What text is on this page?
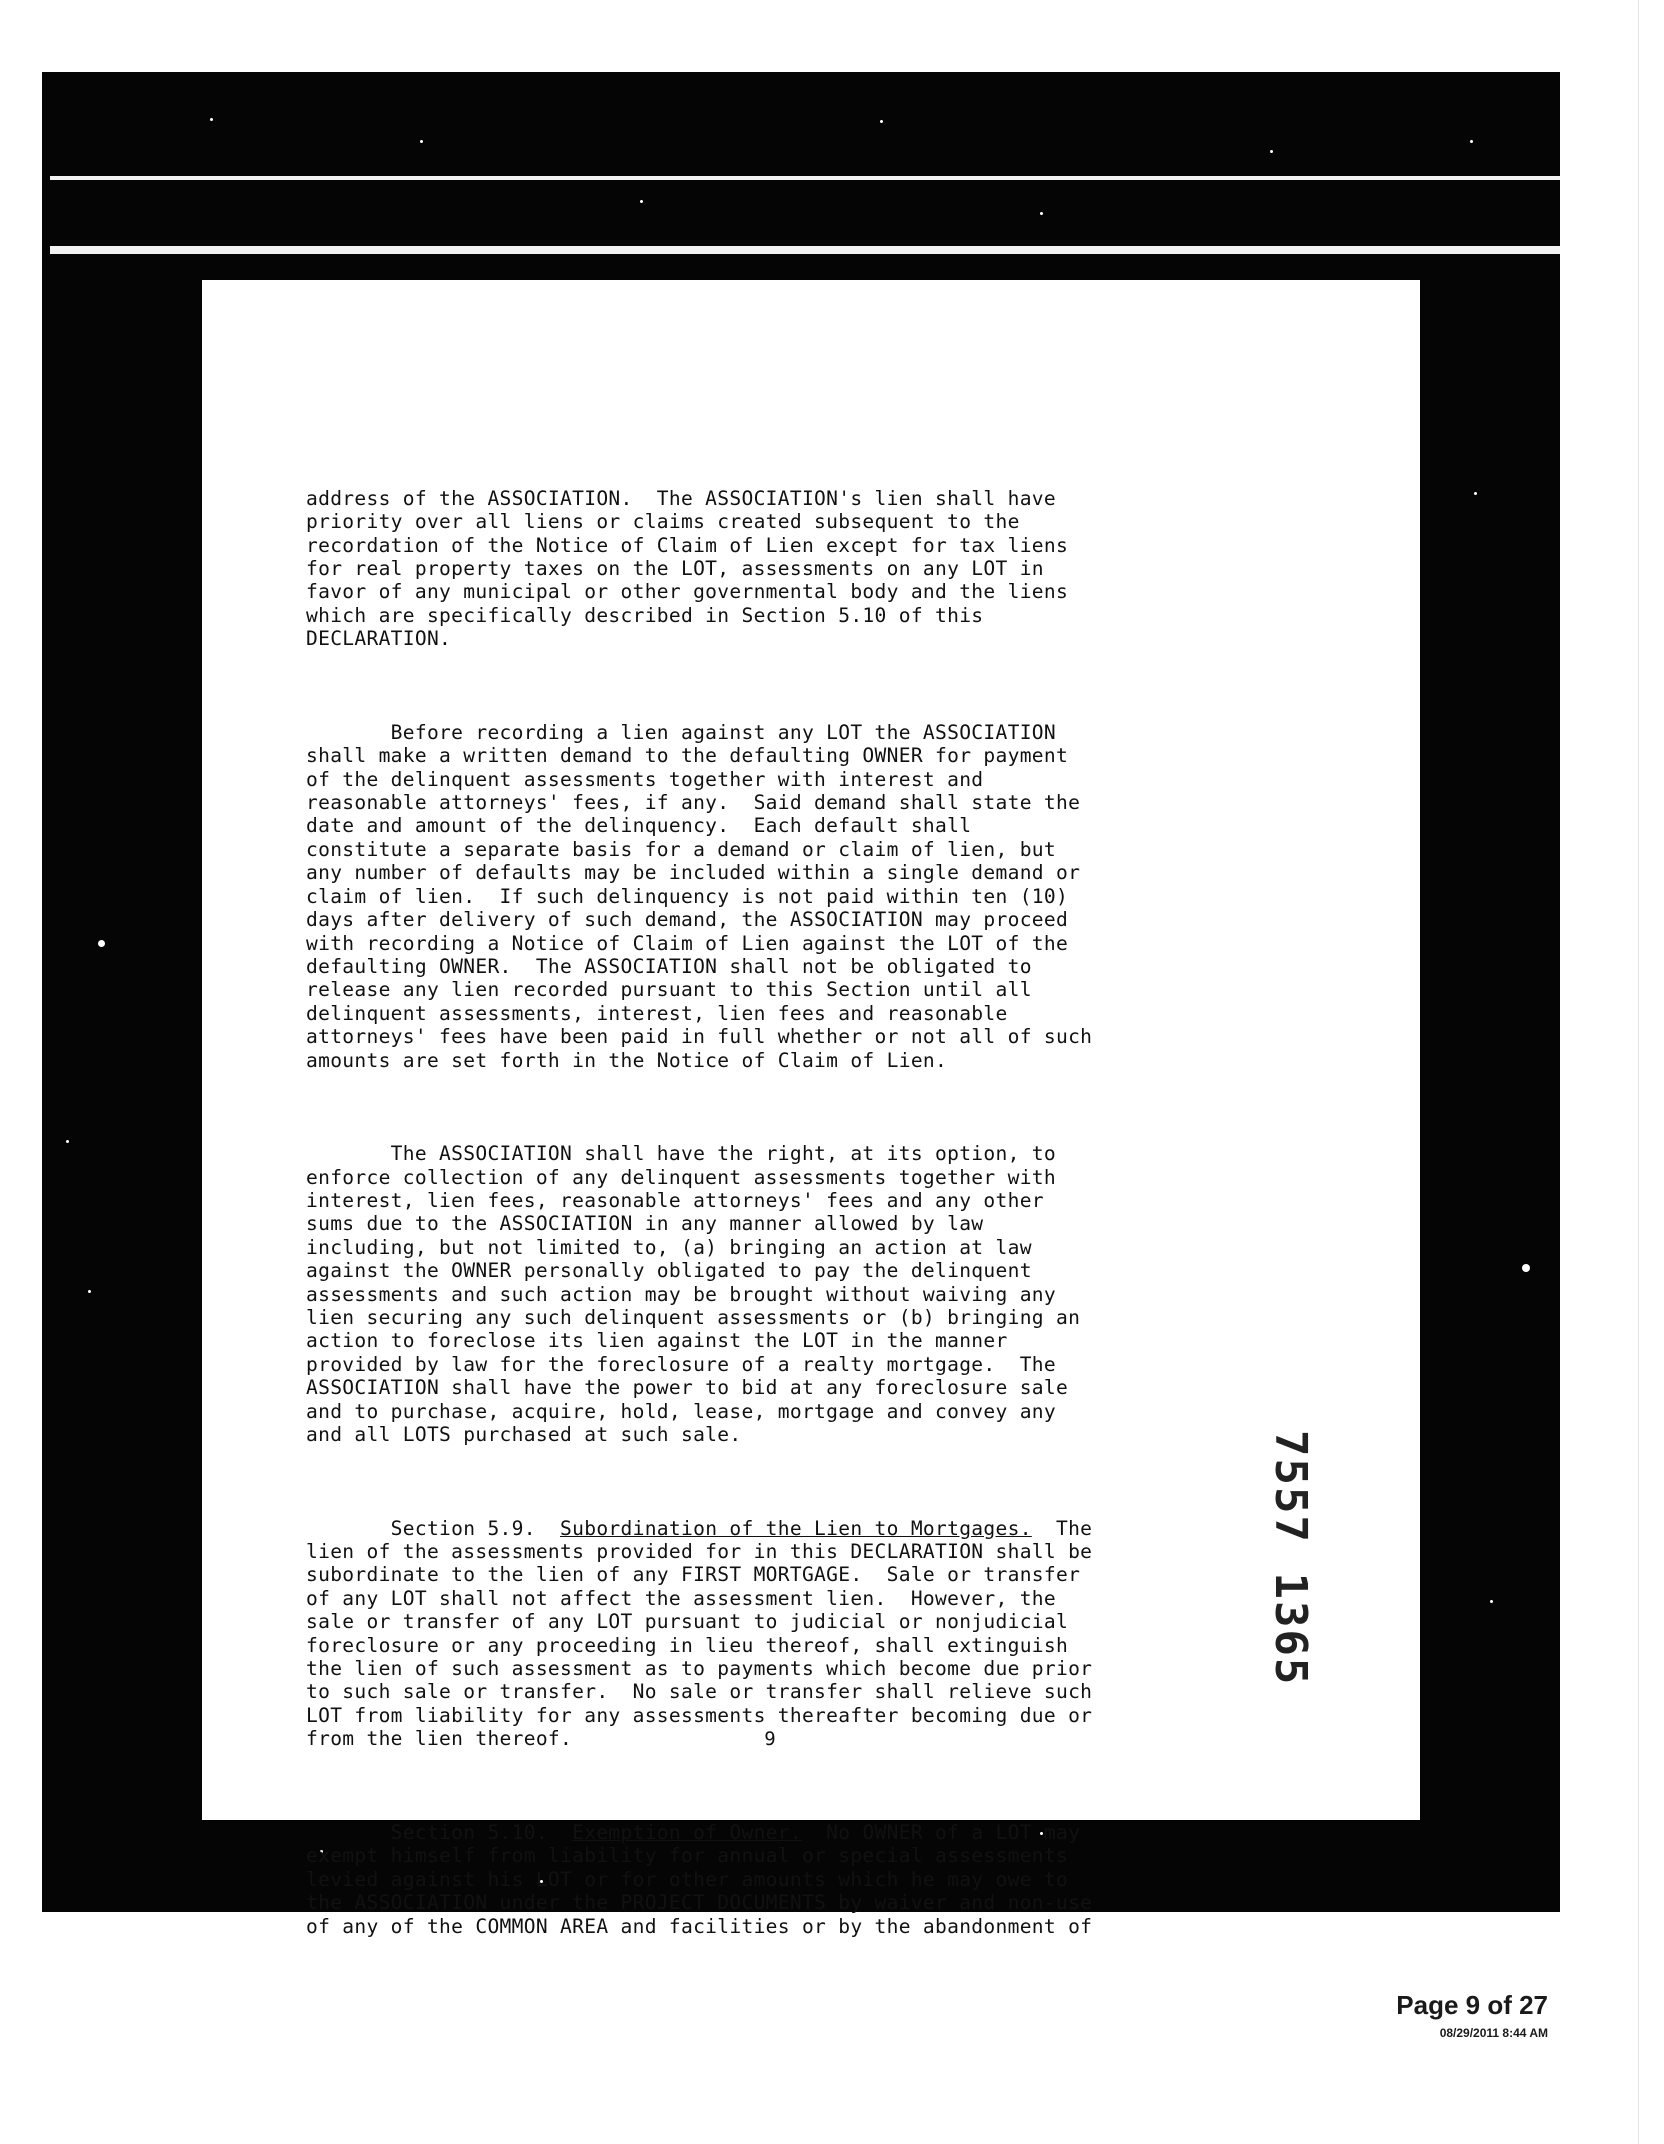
address of the ASSOCIATION.  The ASSOCIATION's lien shall have
priority over all liens or claims created subsequent to the
recordation of the Notice of Claim of Lien except for tax liens
for real property taxes on the LOT, assessments on any LOT in
favor of any municipal or other governmental body and the liens
which are specifically described in Section 5.10 of this
DECLARATION.

Before recording a lien against any LOT the ASSOCIATION
shall make a written demand to the defaulting OWNER for payment
of the delinquent assessments together with interest and
reasonable attorneys' fees, if any.  Said demand shall state the
date and amount of the delinquency.  Each default shall
constitute a separate basis for a demand or claim of lien, but
any number of defaults may be included within a single demand or
claim of lien.  If such delinquency is not paid within ten (10)
days after delivery of such demand, the ASSOCIATION may proceed
with recording a Notice of Claim of Lien against the LOT of the
defaulting OWNER.  The ASSOCIATION shall not be obligated to
release any lien recorded pursuant to this Section until all
delinquent assessments, interest, lien fees and reasonable
attorneys' fees have been paid in full whether or not all of such
amounts are set forth in the Notice of Claim of Lien.

The ASSOCIATION shall have the right, at its option, to
enforce collection of any delinquent assessments together with
interest, lien fees, reasonable attorneys' fees and any other
sums due to the ASSOCIATION in any manner allowed by law
including, but not limited to, (a) bringing an action at law
against the OWNER personally obligated to pay the delinquent
assessments and such action may be brought without waiving any
lien securing any such delinquent assessments or (b) bringing an
action to foreclose its lien against the LOT in the manner
provided by law for the foreclosure of a realty mortgage.  The
ASSOCIATION shall have the power to bid at any foreclosure sale
and to purchase, acquire, hold, lease, mortgage and convey any
and all LOTS purchased at such sale.

Section 5.9.  Subordination of the Lien to Mortgages.  The
lien of the assessments provided for in this DECLARATION shall be
subordinate to the lien of any FIRST MORTGAGE.  Sale or transfer
of any LOT shall not affect the assessment lien.  However, the
sale or transfer of any LOT pursuant to judicial or nonjudicial
foreclosure or any proceeding in lieu thereof, shall extinguish
the lien of such assessment as to payments which become due prior
to such sale or transfer.  No sale or transfer shall relieve such
LOT from liability for any assessments thereafter becoming due or
from the lien thereof.

Section 5.10.  Exemption of Owner.  No OWNER of a LOT may
exempt himself from liability for annual or special assessments
levied against his LOT or for other amounts which he may owe to
the ASSOCIATION under the PROJECT DOCUMENTS by waiver and non-use
of any of the COMMON AREA and facilities or by the abandonment of

9
7557 1365
Page 9 of 27
08/29/2011 8:44 AM
